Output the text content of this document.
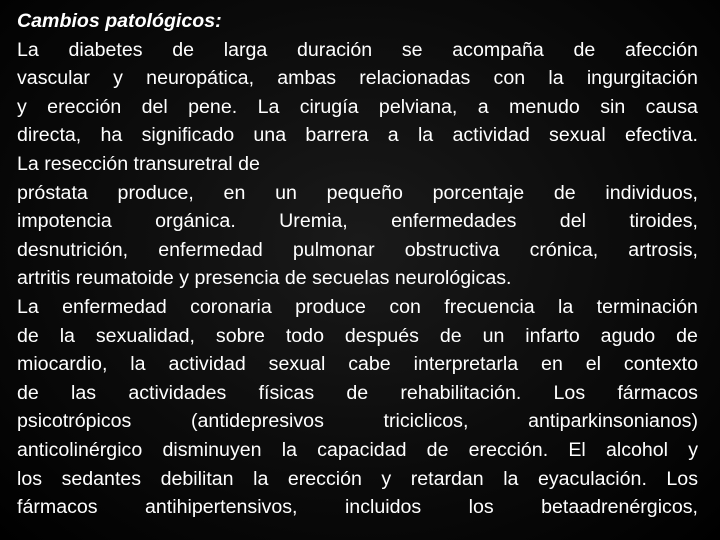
Cambios patológicos:
La diabetes de larga duración se acompaña de afección
vascular y neuropática, ambas relacionadas con la ingurgitación
y erección del pene. La cirugía pelviana, a menudo sin causa
directa, ha significado una barrera a la actividad sexual efectiva.
La resección transuretral de
próstata produce, en un pequeño porcentaje de individuos,
impotencia orgánica. Uremia, enfermedades del tiroides,
desnutrición, enfermedad pulmonar obstructiva crónica, artrosis,
artritis reumatoide y presencia de secuelas neurológicas.
La enfermedad coronaria produce con frecuencia la terminación
de la sexualidad, sobre todo después de un infarto agudo de
miocardio, la actividad sexual cabe interpretarla en el contexto
de las actividades físicas de rehabilitación. Los fármacos
psicotrópicos	(antidepresivos	triciclicos,	antiparkinsonianos)
anticolinérgico disminuyen la capacidad de erección. El alcohol y
los sedantes debilitan la erección y retardan la eyaculación. Los
fármacos antihipertensivos, incluidos los betaadrenérgicos,
